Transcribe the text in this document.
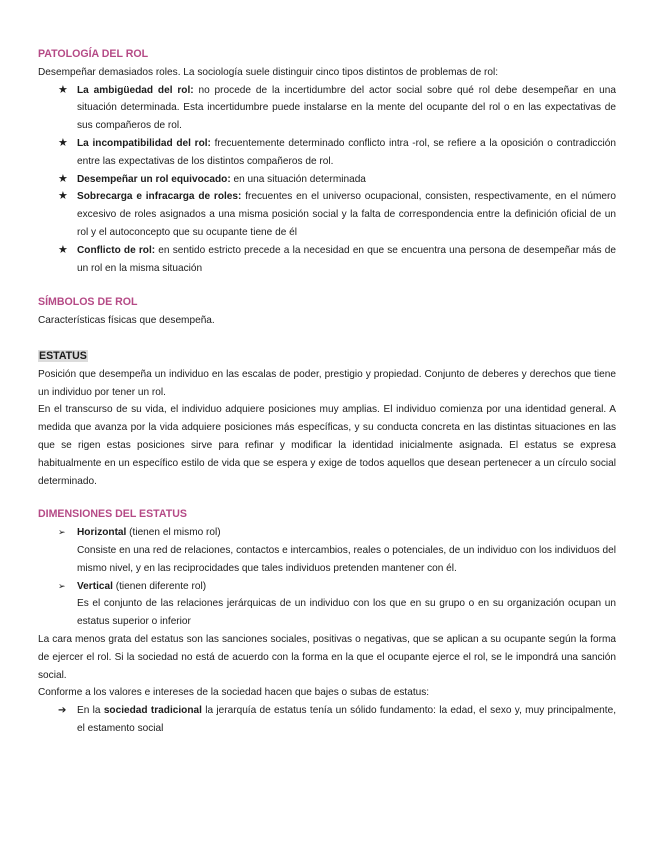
PATOLOGÍA DEL ROL

Desempeñar demasiados roles. La sociología suele distinguir cinco tipos distintos de problemas de rol:

★ La ambigüedad del rol: no procede de la incertidumbre del actor social sobre qué rol debe desempeñar en una situación determinada. Esta incertidumbre puede instalarse en la mente del ocupante del rol o en las expectativas de sus compañeros de rol.
★ La incompatibilidad del rol: frecuentemente determinado conflicto intra -rol, se refiere a la oposición o contradicción entre las expectativas de los distintos compañeros de rol.
★ Desempeñar un rol equivocado: en una situación determinada
★ Sobrecarga e infracarga de roles: frecuentes en el universo ocupacional, consisten, respectivamente, en el número excesivo de roles asignados a una misma posición social y la falta de correspondencia entre la definición oficial de un rol y el autoconcepto que su ocupante tiene de él
★ Conflicto de rol: en sentido estricto precede a la necesidad en que se encuentra una persona de desempeñar más de un rol en la misma situación
SÍMBOLOS DE ROL

Características físicas que desempeña.

ESTATUS

Posición que desempeña un individuo en las escalas de poder, prestigio y propiedad. Conjunto de deberes y derechos que tiene un individuo por tener un rol.

En el transcurso de su vida, el individuo adquiere posiciones muy amplias. El individuo comienza por una identidad general. A medida que avanza por la vida adquiere posiciones más específicas, y su conducta concreta en las distintas situaciones en las que se rigen estas posiciones sirve para refinar y modificar la identidad inicialmente asignada. El estatus se expresa habitualmente en un específico estilo de vida que se espera y exige de todos aquellos que desean pertenecer a un círculo social determinado.

DIMENSIONES DEL ESTATUS
➢ Horizontal (tienen el mismo rol)

Consiste en una red de relaciones, contactos e intercambios, reales o potenciales, de un individuo con los individuos del mismo nivel, y en las reciprocidades que tales individuos pretenden mantener con él.

➢ Vertical (tienen diferente rol)

Es el conjunto de las relaciones jerárquicas de un individuo con los que en su grupo o en su organización ocupan un estatus superior o inferior

La cara menos grata del estatus son las sanciones sociales, positivas o negativas, que se aplican a su ocupante según la forma de ejercer el rol. Si la sociedad no está de acuerdo con la forma en la que el ocupante ejerce el rol, se le impondrá una sanción social.

Conforme a los valores e intereses de la sociedad hacen que bajes o subas de estatus:

➔ En la sociedad tradicional la jerarquía de estatus tenía un sólido fundamento: la edad, el sexo y, muy principalmente, el estamento social
